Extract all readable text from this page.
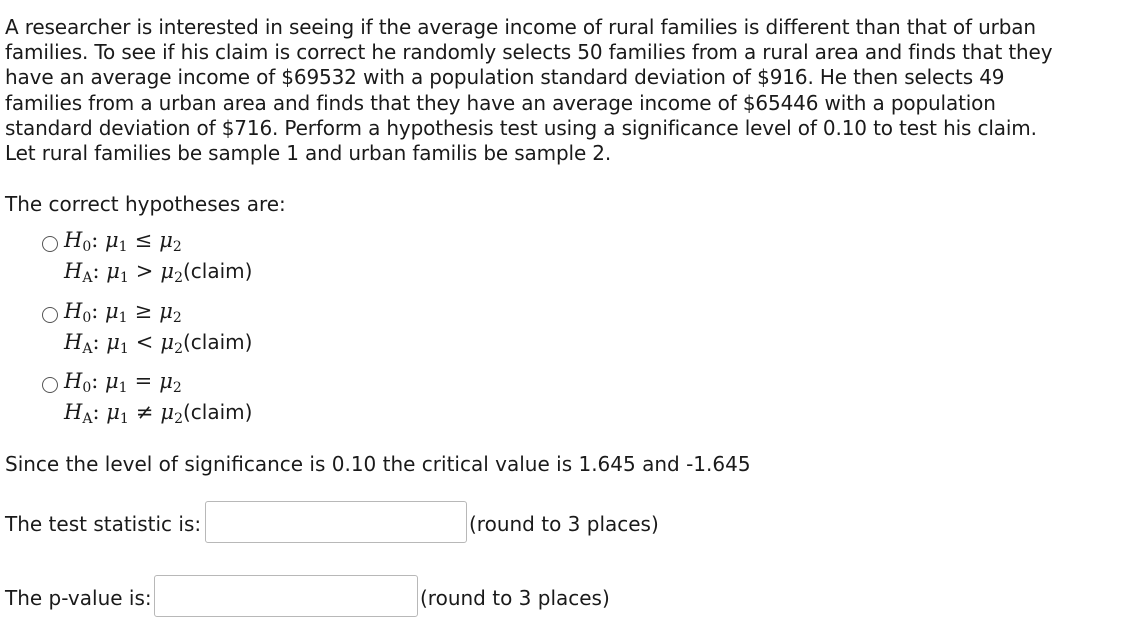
A researcher is interested in seeing if the average income of rural families is different than that of urban
families. To see if his claim is correct he randomly selects 50 families from a rural area and finds that they
have an average income of $69532 with a population standard deviation of $916. He then selects 49
families from a urban area and finds that they have an average income of $65446 with a population
standard deviation of $716. Perform a hypothesis test using a significance level of 0.10 to test his claim.
Let rural families be sample 1 and urban familis be sample 2.
The correct hypotheses are:
$H_0$: $\mu_1 \le \mu_2$
$H_A$: $\mu_1$ > $\mu_2(claim)$
$H_0$: $\mu_1 \ge \mu_2$
$H_A$: $\mu_1$ < $\mu_2(claim)$
$H_0$: $\mu_1 = \mu_2$
$H_A$: $\mu_1$ ≠ $\mu_2(claim)$
Since the level of significance is 0.10 the critical value is 1.645 and -1.645
The test statistic is:	(round to 3 places)
The p-value is:	(round to 3 places)
